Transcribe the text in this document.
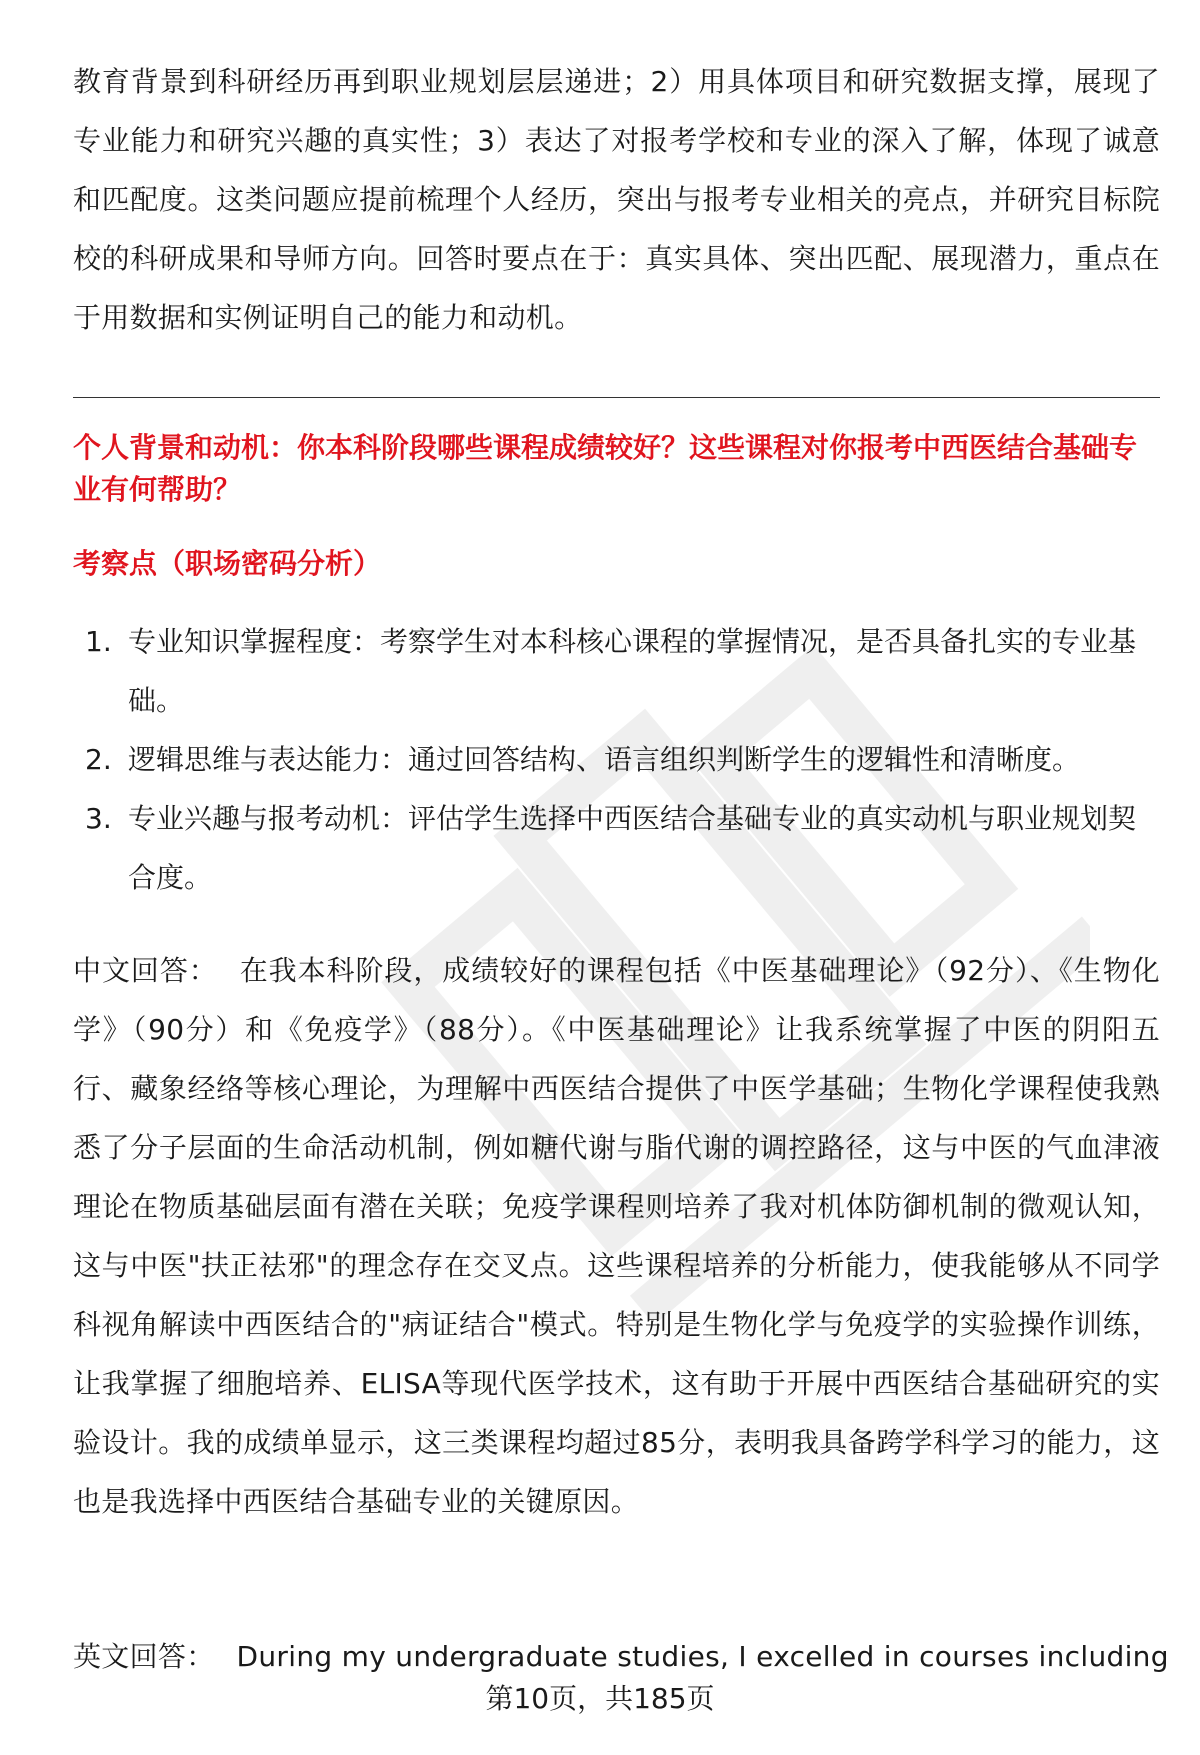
教育背景到科研经历再到职业规划层层递进；2）用具体项目和研究数据支撑，展现了专业能力和研究兴趣的真实性；3）表达了对报考学校和专业的深入了解，体现了诚意和匹配度。这类问题应提前梳理个人经历，突出与报考专业相关的亮点，并研究目标院校的科研成果和导师方向。回答时要点在于：真实具体、突出匹配、展现潜力，重点在于用数据和实例证明自己的能力和动机。

个人背景和动机：你本科阶段哪些课程成绩较好？这些课程对你报考中西医结合基础专业有何帮助？

考察点（职场密码分析）

1. 专业知识掌握程度：考察学生对本科核心课程的掌握情况，是否具备扎实的专业基础。
2. 逻辑思维与表达能力：通过回答结构、语言组织判断学生的逻辑性和清晰度。
3. 专业兴趣与报考动机：评估学生选择中西医结合基础专业的真实动机与职业规划契合度。

中文回答： 在我本科阶段，成绩较好的课程包括《中医基础理论》（92分）、《生物化学》（90分）和《免疫学》（88分）。《中医基础理论》让我系统掌握了中医的阴阳五行、藏象经络等核心理论，为理解中西医结合提供了中医学基础；生物化学课程使我熟悉了分子层面的生命活动机制，例如糖代谢与脂代谢的调控路径，这与中医的气血津液理论在物质基础层面有潜在关联；免疫学课程则培养了我对机体防御机制的微观认知，这与中医"扶正祛邪"的理念存在交叉点。这些课程培养的分析能力，使我能够从不同学科视角解读中西医结合的"病证结合"模式。特别是生物化学与免疫学的实验操作训练，让我掌握了细胞培养、ELISA等现代医学技术，这有助于开展中西医结合基础研究的实验设计。我的成绩单显示，这三类课程均超过85分，表明我具备跨学科学习的能力，这也是我选择中西医结合基础专业的关键原因。

英文回答： During my undergraduate studies, I excelled in courses including

第10页，共185页
